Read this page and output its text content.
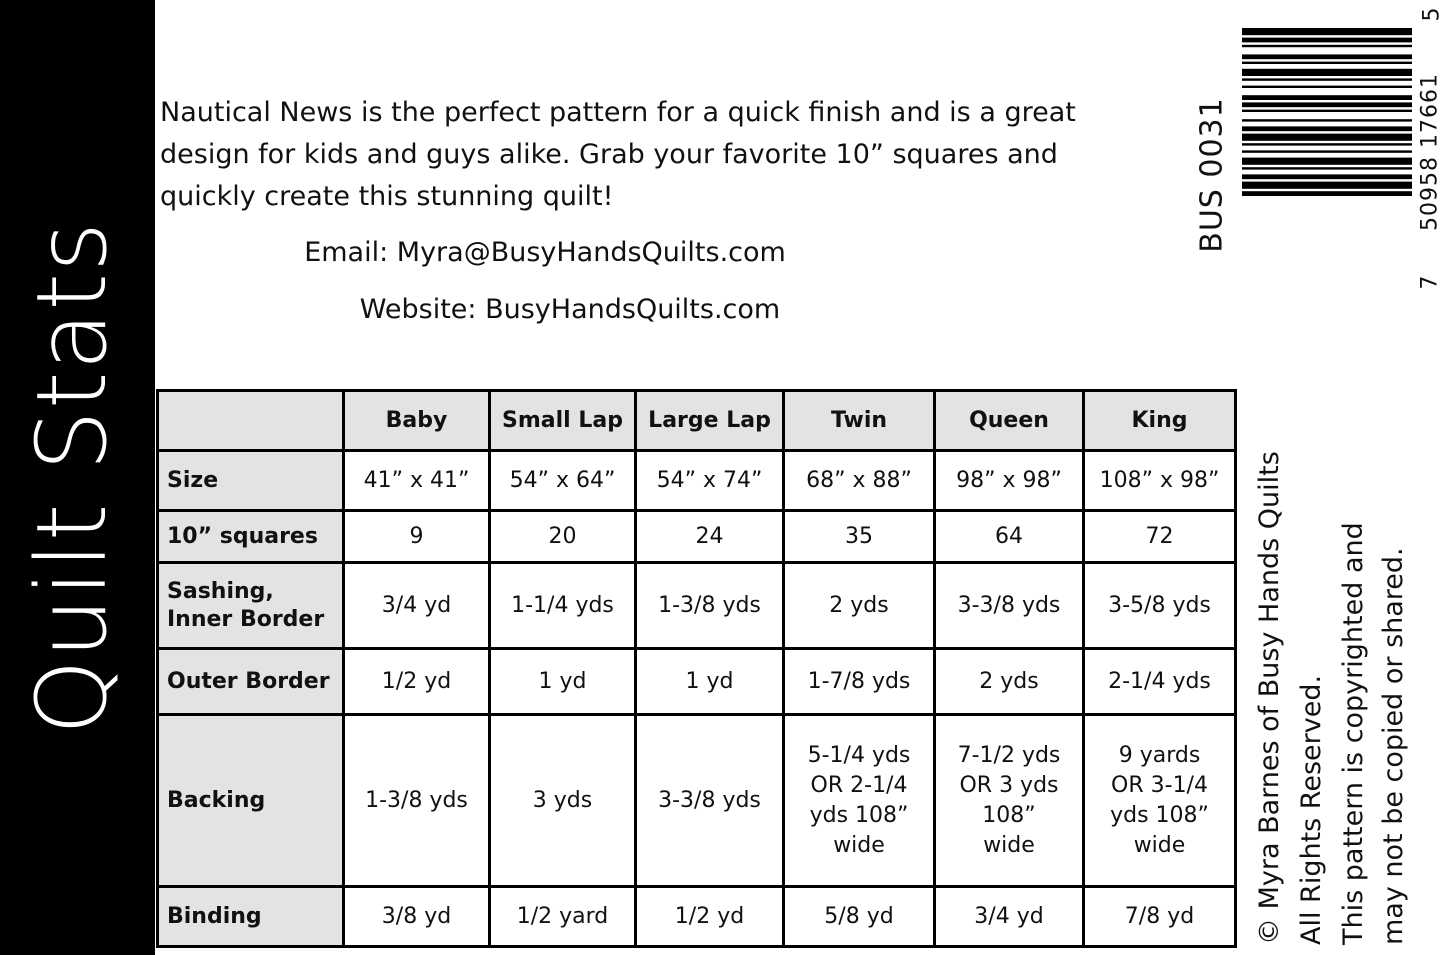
Quilt Stats

Nautical News is the perfect pattern for a quick finish and is a great design for kids and guys alike. Grab your favorite 10” squares and quickly create this stunning quilt!

Email: Myra@BusyHandsQuilts.com
Website: BusyHandsQuilts.com
BUS 0031
5
50958 17661
7
	Baby	Small Lap	Large Lap	Twin	Queen	King
Size	41” x 41”	54” x 64”	54” x 74”	68” x 88”	98” x 98”	108” x 98”
10” squares	9	20	24	35	64	72
Sashing, Inner Border	3/4 yd	1-1/4 yds	1-3/8 yds	2 yds	3-3/8 yds	3-5/8 yds
Outer Border	1/2 yd	1 yd	1 yd	1-7/8 yds	2 yds	2-1/4 yds
Backing	1-3/8 yds	3 yds	3-3/8 yds	5-1/4 yds OR 2-1/4 yds 108” wide	7-1/2 yds OR 3 yds 108” wide	9 yards OR 3-1/4 yds 108” wide
Binding	3/8 yd	1/2 yard	1/2 yd	5/8 yd	3/4 yd	7/8 yd © Myra Barnes of Busy Hands Quilts All Rights Reserved. This pattern is copyrighted and may not be copied or shared.
